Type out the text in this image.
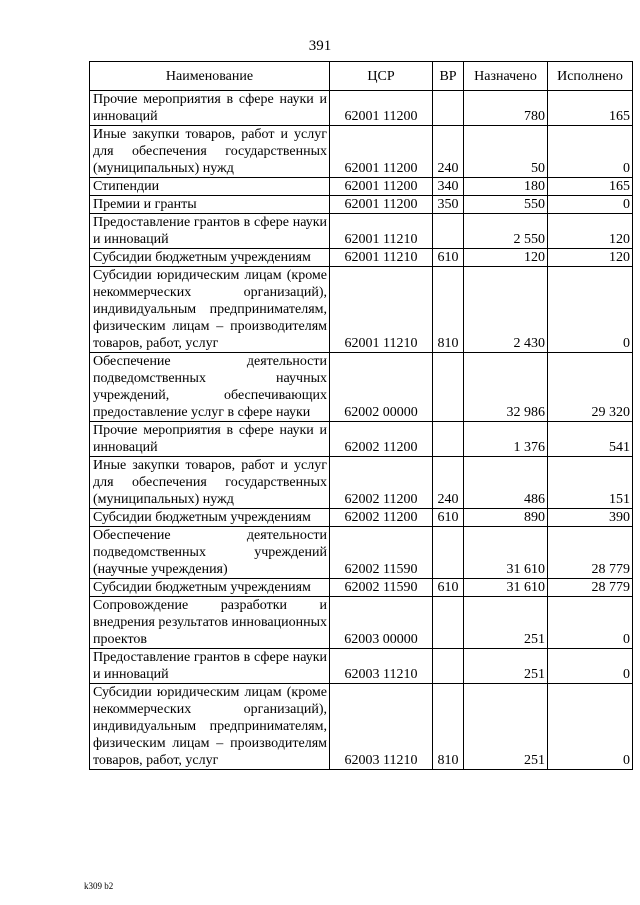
391
Наименование	ЦСР	ВР	Назначено	Исполнено
Прочие мероприятия в сфере науки и инноваций	62001 11200		780	165
Иные закупки товаров, работ и услуг для обеспечения государственных (муниципальных) нужд	62001 11200	240	50	0
Стипендии	62001 11200	340	180	165
Премии и гранты	62001 11200	350	550	0
Предоставление грантов в сфере науки и инноваций	62001 11210		2 550	120
Субсидии бюджетным учреждениям	62001 11210	610	120	120
Субсидии юридическим лицам (кроме некоммерческих организаций), индивидуальным предпринимателям, физическим лицам – производителям товаров, работ, услуг	62001 11210	810	2 430	0
Обеспечение деятельности подведомственных научных учреждений, обеспечивающих предоставление услуг в сфере науки	62002 00000		32 986	29 320
Прочие мероприятия в сфере науки и инноваций	62002 11200		1 376	541
Иные закупки товаров, работ и услуг для обеспечения государственных (муниципальных) нужд	62002 11200	240	486	151
Субсидии бюджетным учреждениям	62002 11200	610	890	390
Обеспечение деятельности подведомственных учреждений (научные учреждения)	62002 11590		31 610	28 779
Субсидии бюджетным учреждениям	62002 11590	610	31 610	28 779
Сопровождение разработки и внедрения результатов инновационных проектов	62003 00000		251	0
Предоставление грантов в сфере науки и инноваций	62003 11210		251	0
Субсидии юридическим лицам (кроме некоммерческих организаций), индивидуальным предпринимателям, физическим лицам – производителям товаров, работ, услуг	62003 11210	810	251	0
k309 b2
